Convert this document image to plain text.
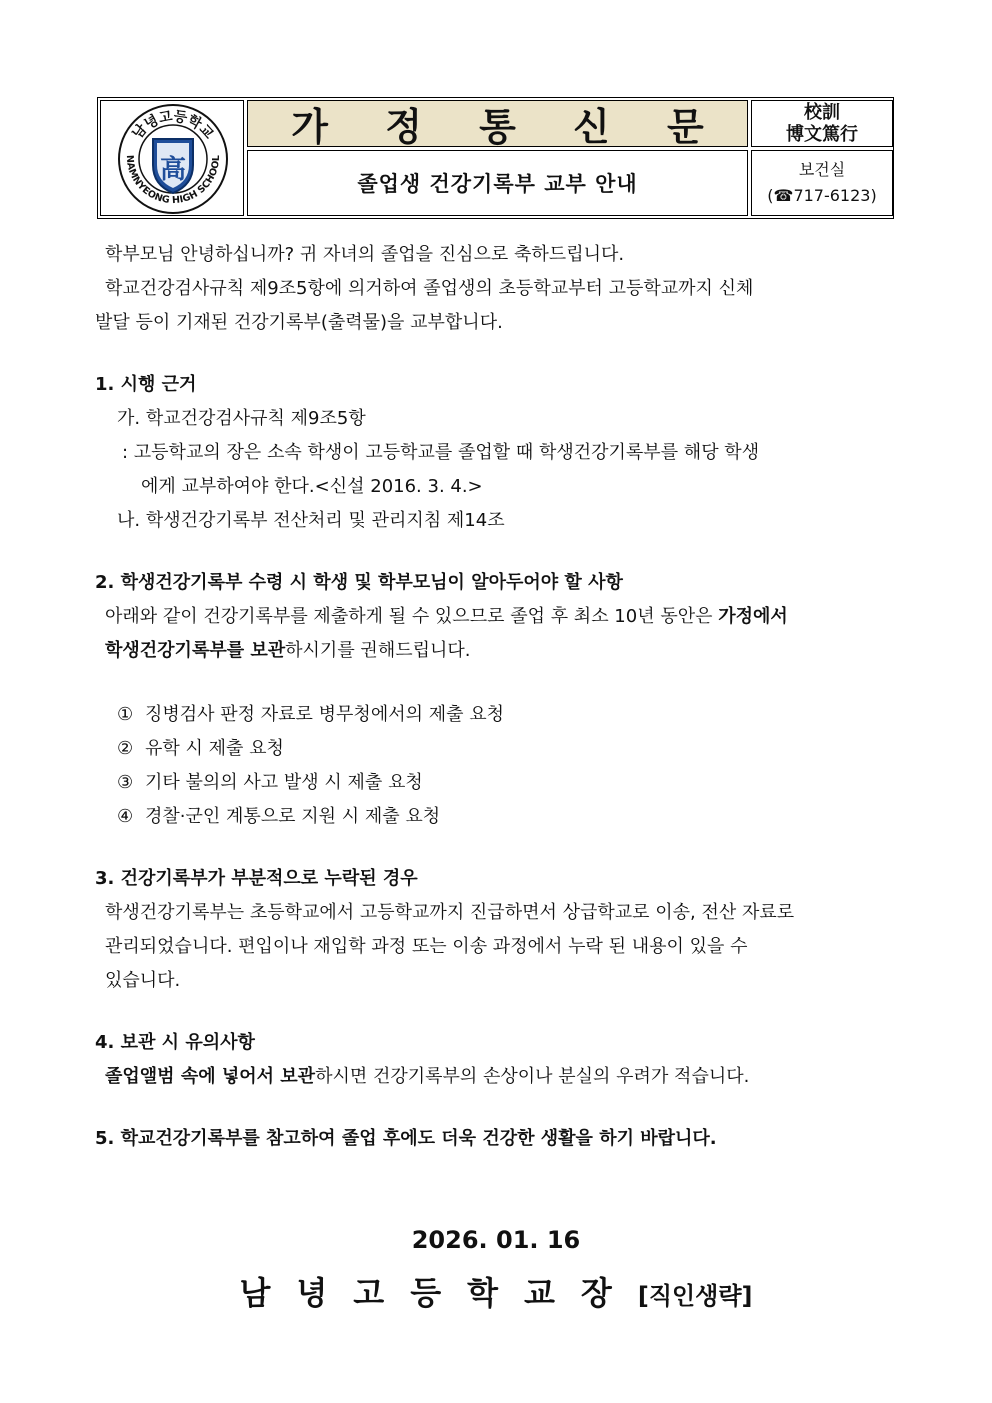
남녕고등학교
NAMNYEONG HIGH SCHOOL
高
가 정 통 신 문
졸업생 건강기록부 교부 안내
校訓
博文篤行
보건실
(☎717-6123)
학부모님 안녕하십니까? 귀 자녀의 졸업을 진심으로 축하드립니다.
학교건강검사규칙 제9조5항에 의거하여 졸업생의 초등학교부터 고등학교까지 신체
발달 등이 기재된 건강기록부(출력물)을 교부합니다.
1. 시행 근거
가. 학교건강검사규칙 제9조5항
: 고등학교의 장은 소속 학생이 고등학교를 졸업할 때 학생건강기록부를 해당 학생
에게 교부하여야 한다.<신설 2016. 3. 4.>
나. 학생건강기록부 전산처리 및 관리지침 제14조
2. 학생건강기록부 수령 시 학생 및 학부모님이 알아두어야 할 사항
아래와 같이 건강기록부를 제출하게 될 수 있으므로 졸업 후 최소 10년 동안은 가정에서
학생건강기록부를 보관하시기를 권해드립니다.
① 징병검사 판정 자료로 병무청에서의 제출 요청
② 유학 시 제출 요청
③ 기타 불의의 사고 발생 시 제출 요청
④ 경찰·군인 계통으로 지원 시 제출 요청
3. 건강기록부가 부분적으로 누락된 경우
학생건강기록부는 초등학교에서 고등학교까지 진급하면서 상급학교로 이송, 전산 자료로
관리되었습니다. 편입이나 재입학 과정 또는 이송 과정에서 누락 된 내용이 있을 수
있습니다.
4. 보관 시 유의사항
졸업앨범 속에 넣어서 보관하시면 건강기록부의 손상이나 분실의 우려가 적습니다.
5. 학교건강기록부를 참고하여 졸업 후에도 더욱 건강한 생활을 하기 바랍니다.
2026. 01. 16
남녕고등학교장[직인생략]
